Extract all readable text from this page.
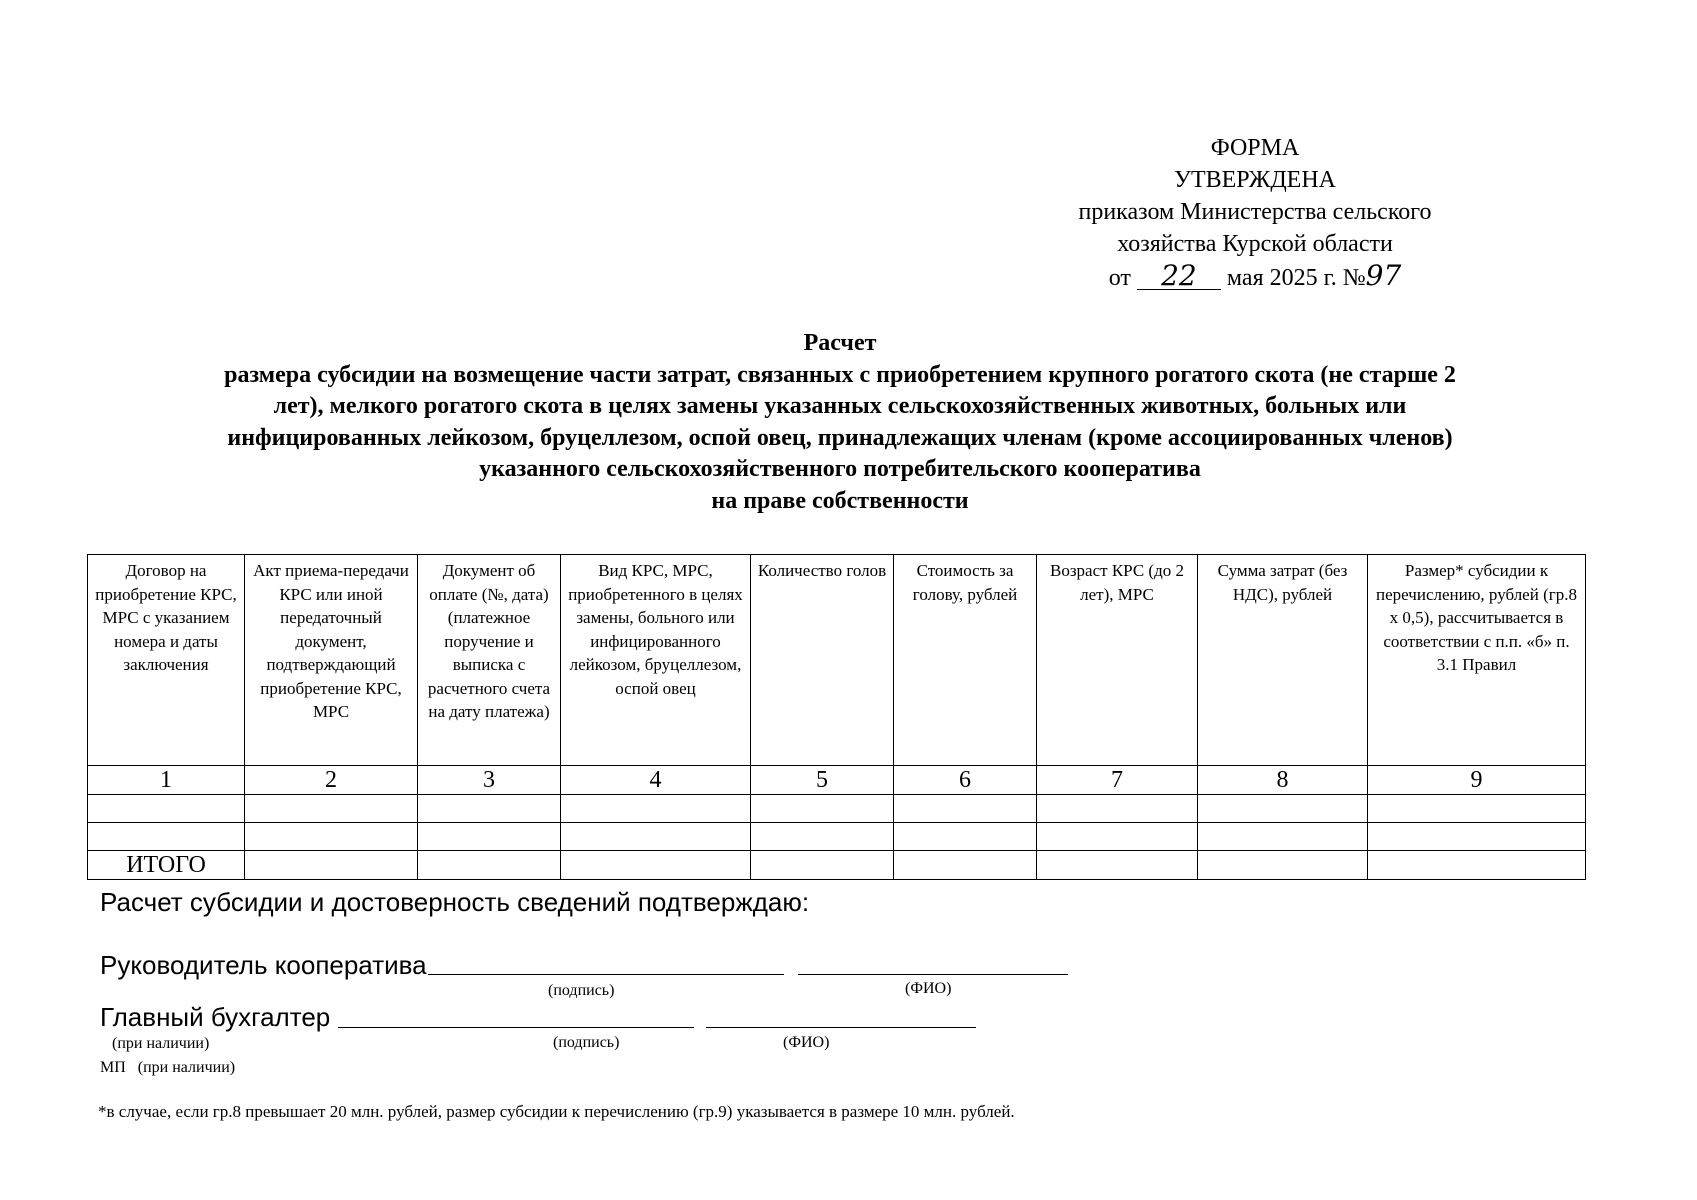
ФОРМА
УТВЕРЖДЕНА
приказом Министерства сельского
хозяйства Курской области
от 22 мая 2025 г. №97
Расчет
размера субсидии на возмещение части затрат, связанных с приобретением крупного рогатого скота (не старше 2
лет), мелкого рогатого скота в целях замены указанных сельскохозяйственных животных, больных или
инфицированных лейкозом, бруцеллезом, оспой овец, принадлежащих членам (кроме ассоциированных членов)
указанного сельскохозяйственного потребительского кооператива
на праве собственности
Договор на приобретение КРС, МРС с указанием номера и даты заключения	Акт приема-передачи КРС или иной передаточный документ, подтверждающий приобретение КРС, МРС	Документ об оплате (№, дата) (платежное поручение и выписка с расчетного счета на дату платежа)	Вид КРС, МРС, приобретенного в целях замены, больного или инфицированного лейкозом, бруцеллезом, оспой овец	Количество голов	Стоимость за голову, рублей	Возраст КРС (до 2 лет), МРС	Сумма затрат (без НДС), рублей	Размер* субсидии к перечислению, рублей (гр.8 х 0,5), рассчитывается в соответствии с п.п. «б» п. 3.1 Правил
1	2	3	4	5	6	7	8	9

ИТОГО								
Расчет субсидии и достоверность сведений подтверждаю:
Руководитель кооператива
(подпись)	(ФИО)
Главный бухгалтер
(при наличии)	(подпись)	(ФИО)
МП   (при наличии)
*в случае, если гр.8 превышает 20 млн. рублей, размер субсидии к перечислению (гр.9) указывается в размере 10 млн. рублей.
